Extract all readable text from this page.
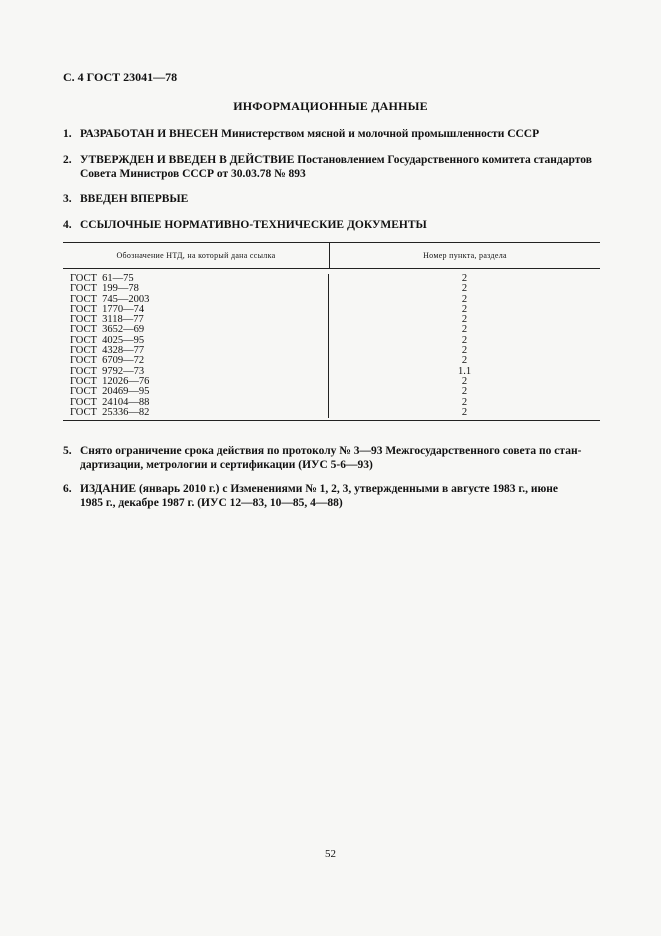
С. 4 ГОСТ 23041—78
ИНФОРМАЦИОННЫЕ ДАННЫЕ
1. РАЗРАБОТАН И ВНЕСЕН Министерством мясной и молочной промышленности СССР
2. УТВЕРЖДЕН И ВВЕДЕН В ДЕЙСТВИЕ Постановлением Государственного комитета стандартов
Совета Министров СССР от 30.03.78 № 893
3. ВВЕДЕН ВПЕРВЫЕ
4. ССЫЛОЧНЫЕ НОРМАТИВНО-ТЕХНИЧЕСКИЕ ДОКУМЕНТЫ
Обозначение НТД, на который дана ссылка	Номер пункта, раздела
ГОСТ  61—75
ГОСТ  199—78
ГОСТ  745—2003
ГОСТ  1770—74
ГОСТ  3118—77
ГОСТ  3652—69
ГОСТ  4025—95
ГОСТ  4328—77
ГОСТ  6709—72
ГОСТ  9792—73
ГОСТ  12026—76
ГОСТ  20469—95
ГОСТ  24104—88
ГОСТ  25336—82
2
2
2
2
2
2
2
2
2
1.1
2
2
2
2
5. Снято ограничение срока действия по протоколу № 3—93 Межгосударственного совета по стан-
дартизации, метрологии и сертификации (ИУС 5-6—93)
6. ИЗДАНИЕ (январь 2010 г.) с Изменениями № 1, 2, 3, утвержденными в августе 1983 г., июне
1985 г., декабре 1987 г. (ИУС 12—83, 10—85, 4—88)
52
